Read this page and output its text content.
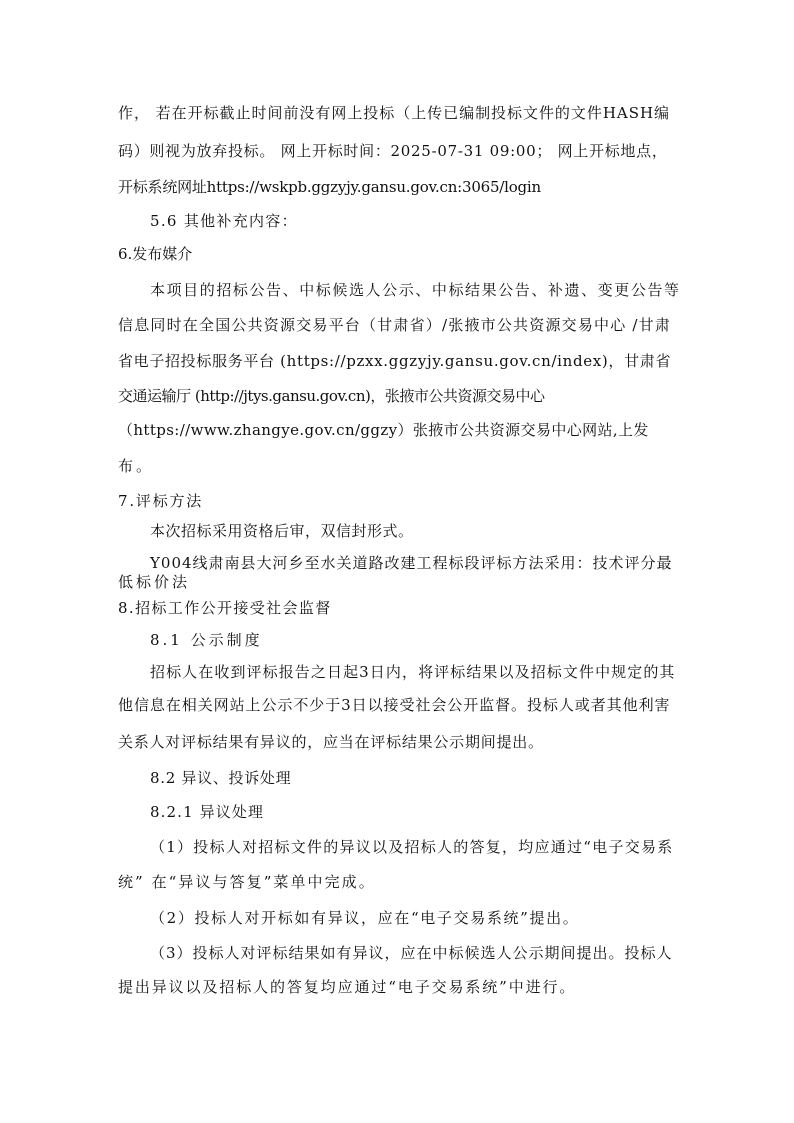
作， 若在开标截止时间前没有网上投标（上传已编制投标文件的文件HASH编
码）则视为放弃投标。 网上开标时间：2025-07-31 09:00； 网上开标地点，
开标系统网址https://wskpb.ggzyjy.gansu.gov.cn:3065/login
5.6 其他补充内容：
6.发布媒介
本项目的招标公告、中标候选人公示、中标结果公告、补遗、变更公告等
信息同时在全国公共资源交易平台（甘肃省）/张掖市公共资源交易中心 /甘肃
省电子招投标服务平台 (https://pzxx.ggzyjy.gansu.gov.cn/index)，甘肃省
交通运输厅 (http://jtys.gansu.gov.cn)，张掖市公共资源交易中心
（https://www.zhangye.gov.cn/ggzy）张掖市公共资源交易中心网站,上发
布。
7.评标方法
本次招标采用资格后审，双信封形式。
Y004线肃南县大河乡至水关道路改建工程标段评标方法采用：技术评分最
低标价法
8.招标工作公开接受社会监督
8.1 公示制度
招标人在收到评标报告之日起3日内，将评标结果以及招标文件中规定的其
他信息在相关网站上公示不少于3日以接受社会公开监督。投标人或者其他利害
关系人对评标结果有异议的，应当在评标结果公示期间提出。
8.2 异议、投诉处理
8.2.1 异议处理
（1）投标人对招标文件的异议以及招标人的答复，均应通过“电子交易系
统” 在“异议与答复”菜单中完成。
（2）投标人对开标如有异议，应在“电子交易系统”提出。
（3）投标人对评标结果如有异议，应在中标候选人公示期间提出。投标人
提出异议以及招标人的答复均应通过“电子交易系统”中进行。
